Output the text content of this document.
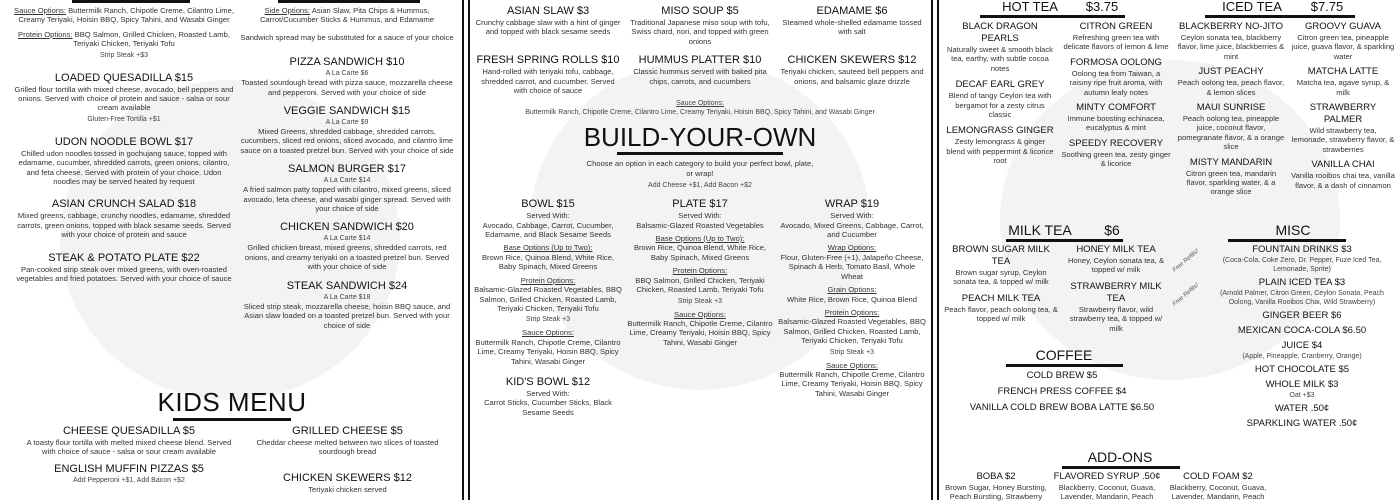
Sauce Options: Buttermilk Ranch, Chipotle Creme, Cilantro Lime, Creamy Teriyaki, Hoisin BBQ, Spicy Tahini, and Wasabi Ginger
Protein Options: BBQ Salmon, Grilled Chicken, Roasted Lamb, Teriyaki Chicken, Teriyaki Tofu
Strip Steak +$3
LOADED QUESADILLA $15
Grilled flour tortilla with mixed cheese, avocado, bell peppers and onions. Served with choice of protein and sauce - salsa or sour cream available
Gluten-Free Tortilla +$1
UDON NOODLE BOWL $17
Chilled udon noodles tossed in gochujang sauce, topped with edamame, cucumber, shredded carrots, green onions, cilantro, and feta cheese. Served with protein of your choice. Udon noodles may be served heated by request
ASIAN CRUNCH SALAD $18
Mixed greens, cabbage, crunchy noodles, edamame, shredded carrots, green onions, topped with black sesame seeds. Served with your choice of protein and sauce
STEAK & POTATO PLATE $22
Pan-cooked strip steak over mixed greens, with oven-roasted vegetables and fried potatoes. Served with your choice of sauce
Side Options: Asian Slaw, Pita Chips & Hummus, Carrot/Cucumber Sticks & Hummus, and Edamame
Sandwich spread may be substituted for a sauce of your choice
PIZZA SANDWICH $10
A La Carte $6
Toasted sourdough bread with pizza sauce, mozzarella cheese and pepperoni. Served with your choice of side
VEGGIE SANDWICH $15
A La Carte $9
Mixed Greens, shredded cabbage, shredded carrots, cucumbers, sliced red onions, sliced avocado, and cilantro lime sauce on a toasted pretzel bun. Served with your choice of side
SALMON BURGER $17
A La Carte $14
A fried salmon patty topped with cilantro, mixed greens, sliced avocado, feta cheese, and wasabi ginger spread. Served with your choice of side
CHICKEN SANDWICH $20
A La Carte $14
Grilled chicken breast, mixed greens, shredded carrots, red onions, and creamy teriyaki on a toasted pretzel bun. Served with your choice of side
STEAK SANDWICH $24
A La Carte $18
Sliced strip steak, mozzarella cheese, hoisin BBQ sauce, and Asian slaw loaded on a toasted pretzel bun. Served with your choice of side
KIDS MENU
CHEESE QUESADILLA $5
A toasty flour tortilla with melted mixed cheese blend. Served with choice of sauce - salsa or sour cream available
ENGLISH MUFFIN PIZZAS $5
Add Pepperoni +$1, Add Bacon +$2
GRILLED CHEESE $5
Cheddar cheese melted between two slices of toasted sourdough bread
CHICKEN SKEWERS $12
Teriyaki chicken served
ASIAN SLAW $3
Crunchy cabbage slaw with a hint of ginger and topped with black sesame seeds
MISO SOUP $5
Traditional Japanese miso soup with tofu, Swiss chard, nori, and topped with green onions
EDAMAME $6
Steamed whole-shelled edamame tossed with salt
FRESH SPRING ROLLS $10
Hand-rolled with teriyaki tofu, cabbage, shredded carrot, and cucumber. Served with choice of sauce
HUMMUS PLATTER $10
Classic hummus served with baked pita chips, carrots, and cucumbers
CHICKEN SKEWERS $12
Teriyaki chicken, sauteed bell peppers and onions, and balsamic glaze drizzle
Sauce Options:
Buttermilk Ranch, Chipotle Creme, Cilantro Lime, Creamy Teriyaki, Hoisin BBQ, Spicy Tahini, and Wasabi Ginger
BUILD-YOUR-OWN
Choose an option in each category to build your perfect bowl, plate, or wrap!
Add Cheese +$1, Add Bacon +$2
BOWL $15
Served With:
Avocado, Cabbage, Carrot, Cucumber, Edamame, and Black Sesame Seeds
Base Options (Up to Two):
Brown Rice, Quinoa Blend, White Rice, Baby Spinach, Mixed Greens
Protein Options:
Balsamic-Glazed Roasted Vegetables, BBQ Salmon, Grilled Chicken, Roasted Lamb, Teriyaki Chicken, Teriyaki Tofu
Strip Steak +3
Sauce Options:
Buttermilk Ranch, Chipotle Creme, Cilantro Lime, Creamy Teriyaki, Hoisin BBQ, Spicy Tahini, Wasabi Ginger
KID'S BOWL $12
Served With:
Carrot Sticks, Cucumber Sticks, Black Sesame Seeds
PLATE $17
Served With:
Balsamic-Glazed Roasted Vegetables
Base Options (Up to Two):
Brown Rice, Quinoa Blend, White Rice, Baby Spinach, Mixed Greens
Protein Options:
BBQ Salmon, Grilled Chicken, Teriyaki Chicken, Roasted Lamb, Teriyaki Tofu
Strip Steak +3
Sauce Options:
Buttermilk Ranch, Chipotle Creme, Cilantro Lime, Creamy Teriyaki, Hoisin BBQ, Spicy Tahini, Wasabi Ginger
WRAP $19
Served With:
Avocado, Mixed Greens, Cabbage, Carrot, and Cucumber
Wrap Options:
Flour, Gluten-Free (+1), Jalapeño Cheese, Spinach & Herb, Tomato Basil, Whole Wheat
Grain Options:
White Rice, Brown Rice, Quinoa Blend
Protein Options:
Balsamic-Glazed Roasted Vegetables, BBQ Salmon, Grilled Chicken, Roasted Lamb, Teriyaki Chicken, Teriyaki Tofu
Strip Steak +3
Sauce Options:
Buttermilk Ranch, Chipotle Creme, Cilantro Lime, Creamy Teriyaki, Hoisin BBQ, Spicy Tahini, Wasabi Ginger
HOT TEA $3.75	ICED TEA $7.75
BLACK DRAGON PEARLS
Naturally sweet & smooth black tea, earthy, with subtle cocoa notes
DECAF EARL GREY
Blend of tangy Ceylon tea with bergamot for a zesty citrus classic
LEMONGRASS GINGER
Zesty lemongrass & ginger blend with peppermint & licorice root
CITRON GREEN
Refreshing green tea with delicate flavors of lemon & lime
FORMOSA OOLONG
Oolong tea from Taiwan, a raisiny ripe fruit aroma, with autumn leafy notes
MINTY COMFORT
Immune boosting echinacea, eucalyptus & mint
SPEEDY RECOVERY
Soothing green tea, zesty ginger & licorice
BLACKBERRY NO-JITO
Ceylon sonata tea, blackberry flavor, lime juice, blackberries & mint
JUST PEACHY
Peach oolong tea, peach flavor, & lemon slices
MAUI SUNRISE
Peach oolong tea, pineapple juice, coconut flavor, pomegranate flavor, & a orange slice
MISTY MANDARIN
Citron green tea, mandarin flavor, sparkling water, & a orange slice
GROOVY GUAVA
Citron green tea, pineapple juice, guava flavor, & sparkling water
MATCHA LATTE
Matcha tea, agave syrup, & milk
STRAWBERRY PALMER
Wild strawberry tea, lemonade, strawberry flavor, & strawberries
VANILLA CHAI
Vanilla rooibos chai tea, vanilla flavor, & a dash of cinnamon
MILK TEA $6
BROWN SUGAR MILK TEA
Brown sugar syrup, Ceylon sonata tea, & topped w/ milk
PEACH MILK TEA
Peach flavor, peach oolong tea, & topped w/ milk
HONEY MILK TEA
Honey, Ceylon sonata tea, & topped w/ milk
STRAWBERRY MILK TEA
Strawberry flavor, wild strawberry tea, & topped w/ milk
COFFEE
COLD BREW $5
FRENCH PRESS COFFEE $4
VANILLA COLD BREW BOBA LATTE $6.50
MISC
Free Refills!
Free Refills!
FOUNTAIN DRINKS $3
(Coca-Cola, Coke Zero, Dr. Pepper, Fuze Iced Tea, Lemonade, Sprite)
PLAIN ICED TEA $3
(Arnold Palmer, Citron Green, Ceylon Sonata, Peach Oolong, Vanilla Rooibos Chai, Wild Strawberry)
GINGER BEER $6
MEXICAN COCA-COLA $6.50
JUICE $4
(Apple, Pineapple, Cranberry, Orange)
HOT CHOCOLATE $5
WHOLE MILK $3
Oat +$3
WATER .50¢
SPARKLING WATER .50¢
ADD-ONS
BOBA $2
Brown Sugar, Honey Bursting, Peach Bursting, Strawberry
FLAVORED SYRUP .50¢
Blackberry, Coconut, Guava, Lavender, Mandarin, Peach
COLD FOAM $2
Blackberry, Coconut, Guava, Lavender, Mandarin, Peach
